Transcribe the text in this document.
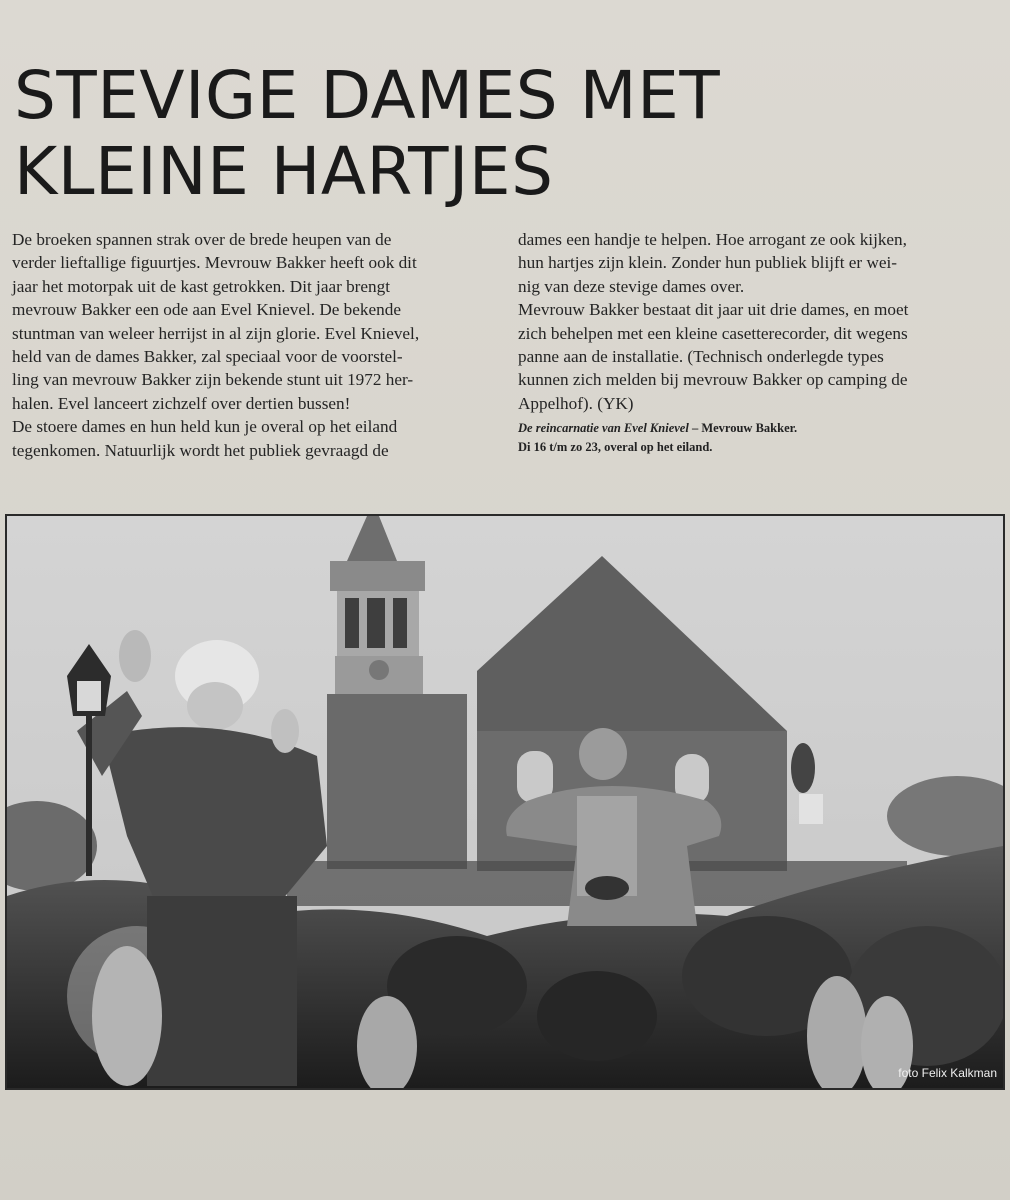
STEVIGE DAMES MET
KLEINE HARTJES

De broeken spannen strak over de brede heupen van de

verder lieftallige figuurtjes. Mevrouw Bakker heeft ook dit

jaar het motorpak uit de kast getrokken. Dit jaar brengt

mevrouw Bakker een ode aan Evel Knievel. De bekende

stuntman van weleer herrijst in al zijn glorie. Evel Knievel,

held van de dames Bakker, zal speciaal voor de voorstel-

ling van mevrouw Bakker zijn bekende stunt uit 1972 her-

halen. Evel lanceert zichzelf over dertien bussen!

De stoere dames en hun held kun je overal op het eiland

tegenkomen. Natuurlijk wordt het publiek gevraagd de

dames een handje te helpen. Hoe arrogant ze ook kijken,

hun hartjes zijn klein. Zonder hun publiek blijft er wei-

nig van deze stevige dames over.

Mevrouw Bakker bestaat dit jaar uit drie dames, en moet

zich behelpen met een kleine casetterecorder, dit wegens

panne aan de installatie. (Technisch onderlegde types

kunnen zich melden bij mevrouw Bakker op camping de

Appelhof). (YK)

De reincarnatie van Evel Knievel – Mevrouw Bakker.
Di 16 t/m zo 23, overal op het eiland.
foto Felix Kalkman
